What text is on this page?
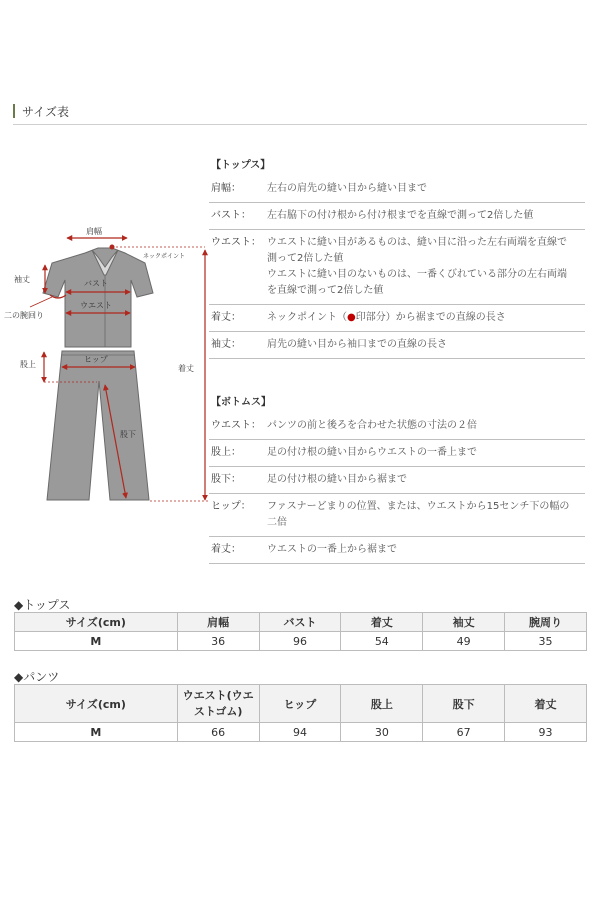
サイズ表
肩幅
ネックポイント
袖丈	バスト
ウエスト
二の腕回り
股上
ヒップ
着丈
股下
【トップス】
肩幅：	左右の肩先の縫い目から縫い目まで
バスト：	左右脇下の付け根から付け根までを直線で測って2倍した値
ウエスト： ウエストに縫い目があるものは、縫い目に沿った左右両端を直線で
測って2倍した値
ウエストに縫い目のないものは、一番くびれている部分の左右両端
を直線で測って2倍した値
着丈：	ネックポイント（●印部分）から裾までの直線の長さ
袖丈：	肩先の縫い目から袖口までの直線の長さ
【ボトムス】
ウエスト： パンツの前と後ろを合わせた状態の寸法の２倍
股上：	足の付け根の縫い目からウエストの一番上まで
股下：	足の付け根の縫い目から裾まで
ヒップ：	ファスナーどまりの位置、または、ウエストから15センチ下の幅の
二倍
着丈：	ウエストの一番上から裾まで
◆トップス
サイズ(cm)	肩幅	バスト	着丈	袖丈	腕周り
M	36	96	54	49	35
◆パンツ
サイズ(cm)	ウエスト(ウエストゴム)	ヒップ	股上	股下	着丈
M	66	94	30	67	93
